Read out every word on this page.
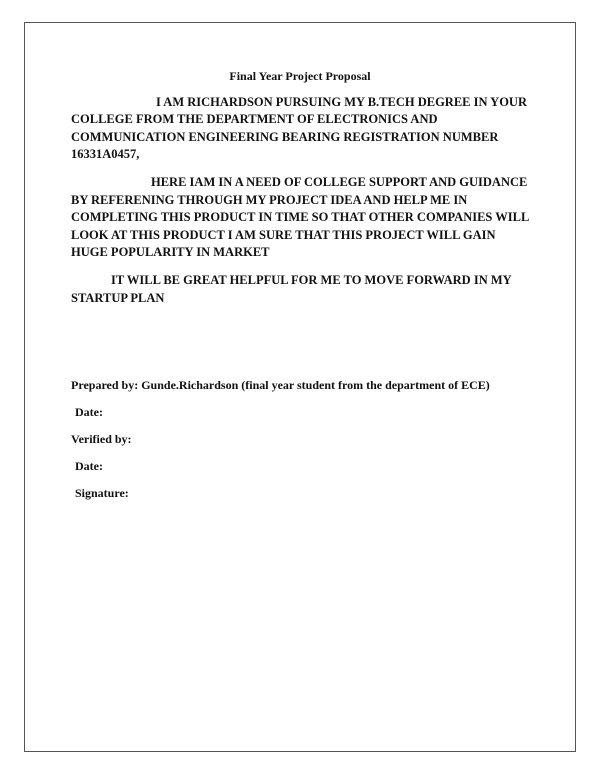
Final Year Project Proposal

I AM RICHARDSON PURSUING MY B.TECH DEGREE IN YOUR COLLEGE FROM THE DEPARTMENT OF ELECTRONICS AND COMMUNICATION ENGINEERING BEARING REGISTRATION NUMBER 16331A0457,

HERE IAM IN A NEED OF COLLEGE SUPPORT AND GUIDANCE BY REFERENING THROUGH MY PROJECT IDEA AND HELP ME IN COMPLETING THIS PRODUCT IN TIME SO THAT OTHER COMPANIES WILL LOOK AT THIS PRODUCT I AM SURE THAT THIS PROJECT WILL GAIN HUGE POPULARITY IN MARKET

IT WILL BE GREAT HELPFUL FOR ME TO MOVE FORWARD IN MY STARTUP PLAN

Prepared by: Gunde.Richardson (final year student from the department of ECE)

Date:

Verified by:

Date:

Signature:
